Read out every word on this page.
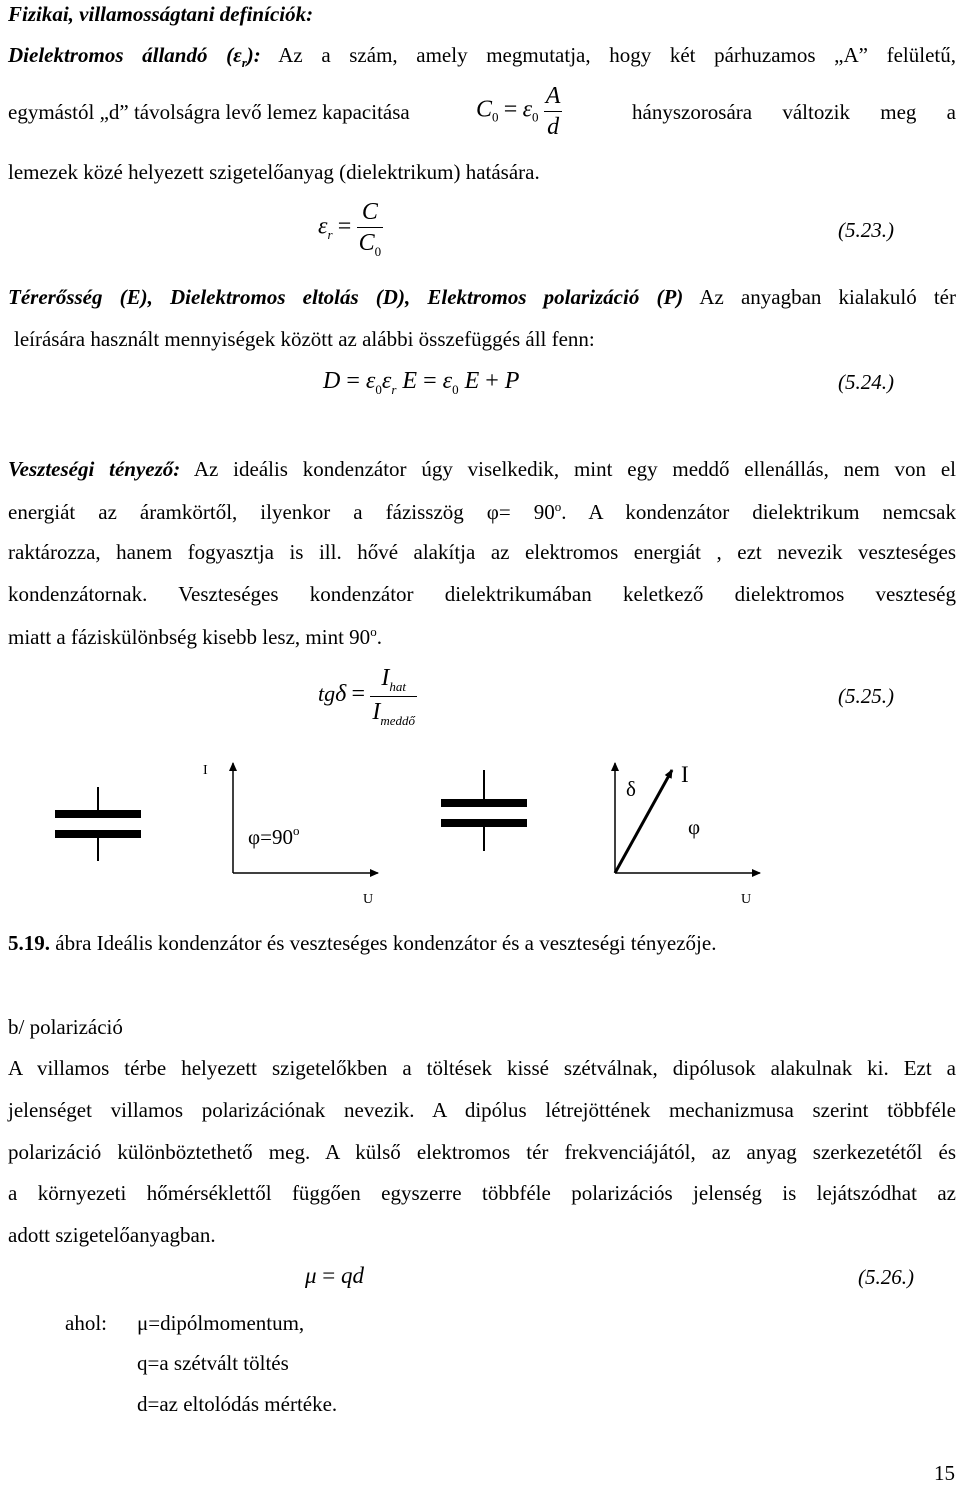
Fizikai, villamosságtani definíciók:
Dielektromos állandó $(\varepsilon_r)$: Az a szám, amely megmutatja, hogy két párhuzamos „A” felületű,
egymástól „d” távolságra levő lemez kapacitása	$C_0 = \varepsilon_0 \frac{A}{d}$	hányszorosára változik meg a
lemezek közé helyezett szigetelőanyag (dielektrikum) hatására.
$\varepsilon_r = \frac{C}{C_0}$	(5.23.)
Térerősség (E), Dielektromos eltolás (D), Elektromos polarizáció (P) Az anyagban kialakuló tér
leírására használt mennyiségek között az alábbi összefüggés áll fenn:
$D = \varepsilon_0\varepsilon_r$ $E = \varepsilon_0$ E + P	(5.24.)
Veszteségi tényező: Az ideális kondenzátor úgy viselkedik, mint egy meddő ellenállás, nem von el
energiát az áramkörtől, ilyenkor a fázisszög $\varphi= 90^o$. A kondenzátor dielektrikum nemcsak
raktározza, hanem fogyasztja is ill. hővé alakítja az elektromos energiát , ezt nevezik veszteséges
kondenzátornak. Veszteséges kondenzátor dielektrikumában keletkező dielektromos veszteség
miatt a fáziskülönbség kisebb lesz, mint 90$^o$.
$tg\delta = \frac{I_{hat}}{I_{meddő}}$	(5.25.)
I
$\varphi=90^o$
U
δ
I
φ
U
5.19. ábra Ideális kondenzátor és veszteséges kondenzátor és a veszteségi tényezője.
b/ polarizáció
A villamos térbe helyezett szigetelőkben a töltések kissé szétválnak, dipólusok alakulnak ki. Ezt a
jelenséget villamos polarizációnak nevezik. A dipólus létrejöttének mechanizmusa szerint többféle
polarizáció különböztethető meg. A külső elektromos tér frekvenciájától, az anyag szerkezetétől és
a környezeti hőmérséklettől függően egyszerre többféle polarizációs jelenség is lejátszódhat az
adott szigetelőanyagban.
μ = qd	(5.26.)
ahol: μ=dipólmomentum,
q=a szétvált töltés
d=az eltolódás mértéke.
15
